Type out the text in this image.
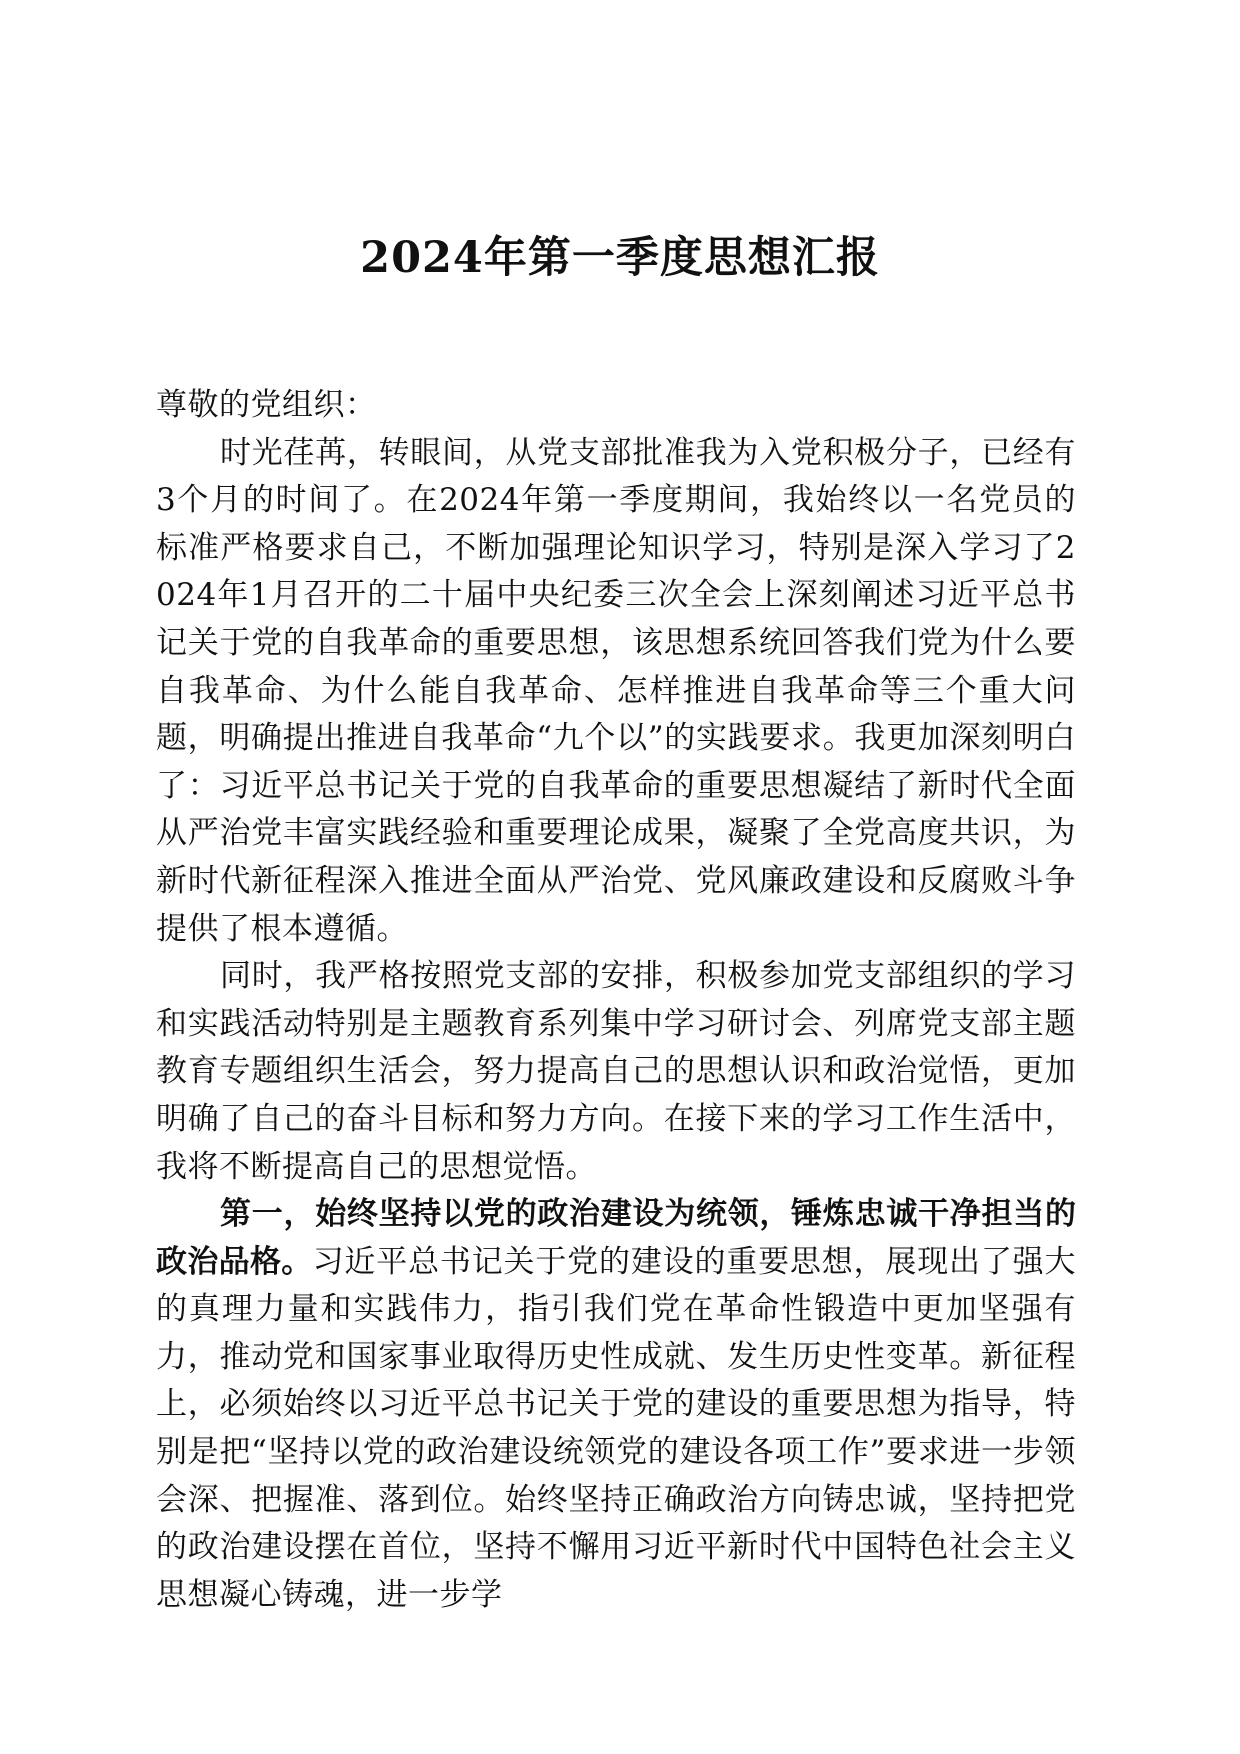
2024年第一季度思想汇报

尊敬的党组织：

时光荏苒，转眼间，从党支部批准我为入党积极分子，已经有3个月的时间了。在2024年第一季度期间，我始终以一名党员的标准严格要求自己，不断加强理论知识学习，特别是深入学习了2024年1月召开的二十届中央纪委三次全会上深刻阐述习近平总书记关于党的自我革命的重要思想，该思想系统回答我们党为什么要自我革命、为什么能自我革命、怎样推进自我革命等三个重大问题，明确提出推进自我革命“九个以”的实践要求。我更加深刻明白了：习近平总书记关于党的自我革命的重要思想凝结了新时代全面从严治党丰富实践经验和重要理论成果，凝聚了全党高度共识，为新时代新征程深入推进全面从严治党、党风廉政建设和反腐败斗争提供了根本遵循。

同时，我严格按照党支部的安排，积极参加党支部组织的学习和实践活动特别是主题教育系列集中学习研讨会、列席党支部主题教育专题组织生活会，努力提高自己的思想认识和政治觉悟，更加明确了自己的奋斗目标和努力方向。在接下来的学习工作生活中，我将不断提高自己的思想觉悟。

第一，始终坚持以党的政治建设为统领，锤炼忠诚干净担当的政治品格。习近平总书记关于党的建设的重要思想，展现出了强大的真理力量和实践伟力，指引我们党在革命性锻造中更加坚强有力，推动党和国家事业取得历史性成就、发生历史性变革。新征程上，必须始终以习近平总书记关于党的建设的重要思想为指导，特别是把“坚持以党的政治建设统领党的建设各项工作”要求进一步领会深、把握准、落到位。始终坚持正确政治方向铸忠诚，坚持把党的政治建设摆在首位，坚持不懈用习近平新时代中国特色社会主义思想凝心铸魂，进一步学
